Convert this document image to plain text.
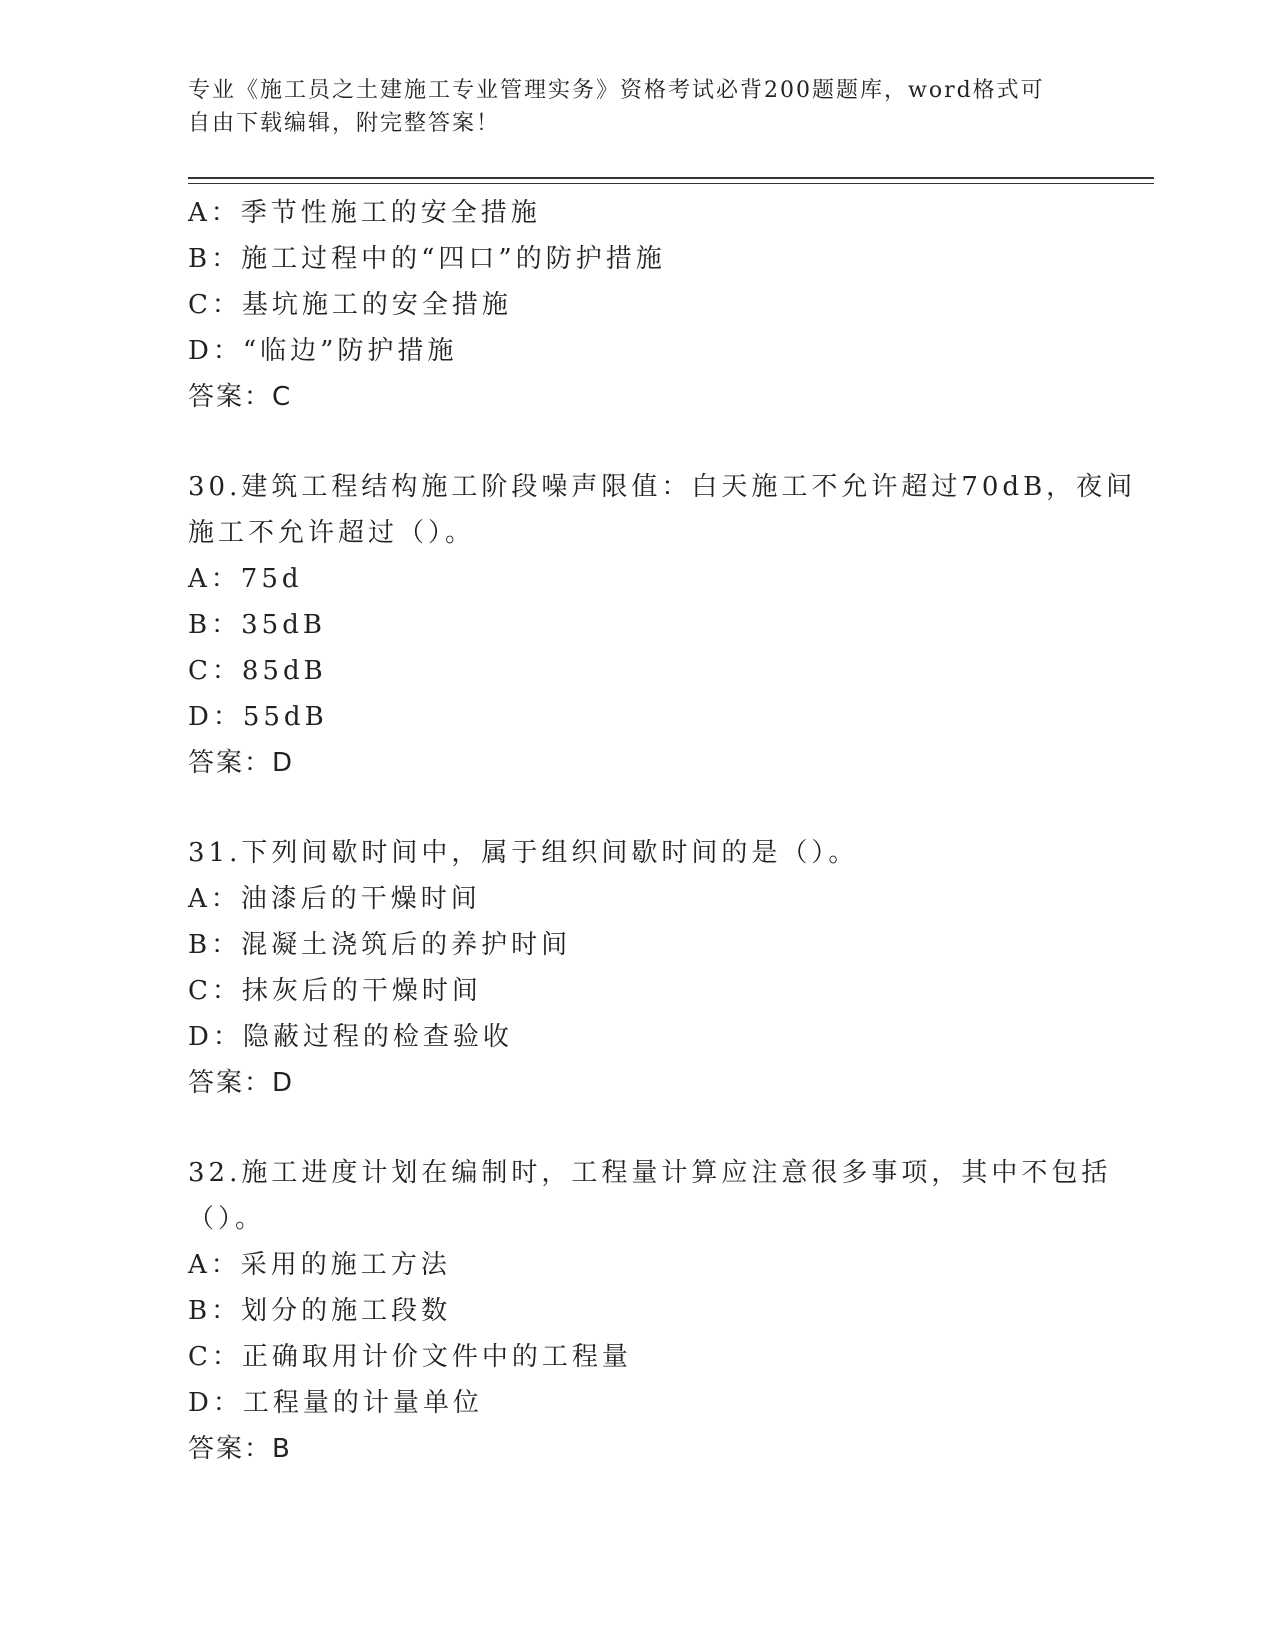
专业《施工员之土建施工专业管理实务》资格考试必背200题题库，word格式可
自由下载编辑，附完整答案！
A：季节性施工的安全措施
B：施工过程中的“四口”的防护措施
C：基坑施工的安全措施
D：“临边”防护措施
答案：C
30.建筑工程结构施工阶段噪声限值：白天施工不允许超过70dB，夜间
施工不允许超过（）。
A：75d
B：35dB
C：85dB
D：55dB
答案：D
31.下列间歇时间中，属于组织间歇时间的是（）。
A：油漆后的干燥时间
B：混凝土浇筑后的养护时间
C：抹灰后的干燥时间
D：隐蔽过程的检查验收
答案：D
32.施工进度计划在编制时，工程量计算应注意很多事项，其中不包括
（）。
A：采用的施工方法
B：划分的施工段数
C：正确取用计价文件中的工程量
D：工程量的计量单位
答案：B
